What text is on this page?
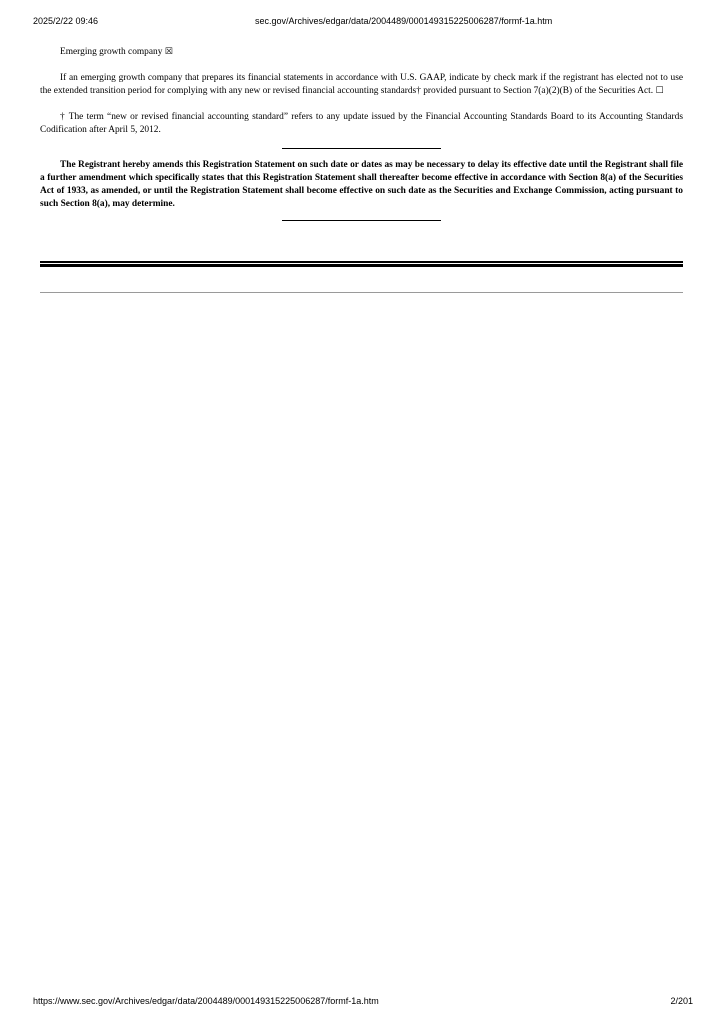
2025/2/22 09:46	sec.gov/Archives/edgar/data/2004489/000149315225006287/formf-1a.htm

Emerging growth company ☒

If an emerging growth company that prepares its financial statements in accordance with U.S. GAAP, indicate by check mark if the registrant has elected not to use the extended transition period for complying with any new or revised financial accounting standards† provided pursuant to Section 7(a)(2)(B) of the Securities Act. ☐

† The term “new or revised financial accounting standard” refers to any update issued by the Financial Accounting Standards Board to its Accounting Standards Codification after April 5, 2012.

The Registrant hereby amends this Registration Statement on such date or dates as may be necessary to delay its effective date until the Registrant shall file a further amendment which specifically states that this Registration Statement shall thereafter become effective in accordance with Section 8(a) of the Securities Act of 1933, as amended, or until the Registration Statement shall become effective on such date as the Securities and Exchange Commission, acting pursuant to such Section 8(a), may determine.

https://www.sec.gov/Archives/edgar/data/2004489/000149315225006287/formf-1a.htm	2/201
